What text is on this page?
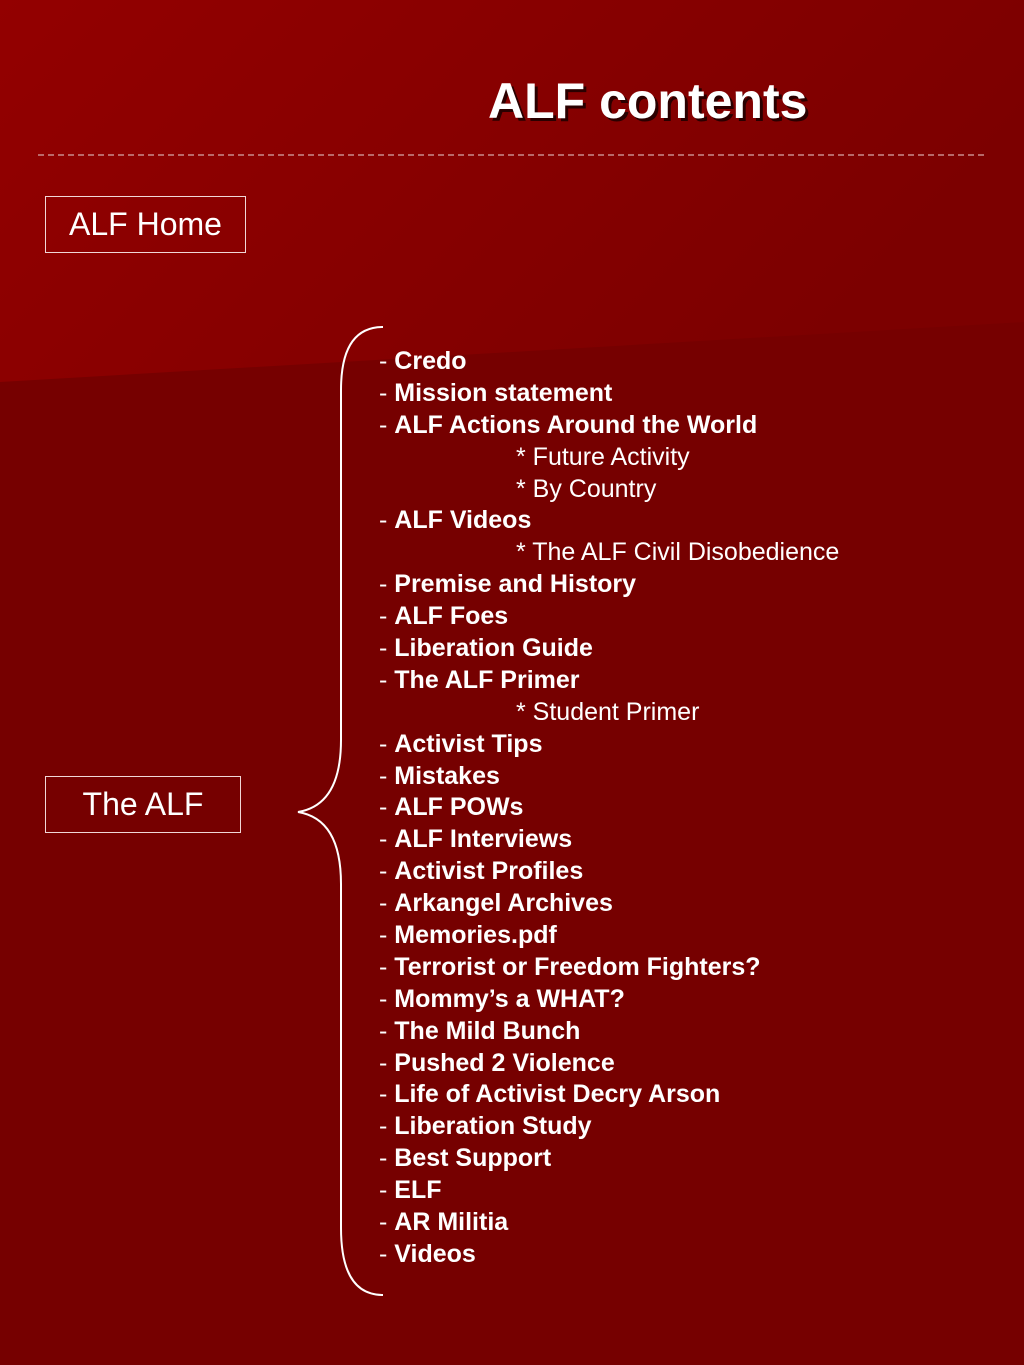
ALF contents
ALF Home
The ALF
- Credo
- Mission statement
- ALF Actions Around the World
* Future Activity
* By Country
- ALF Videos
* The ALF Civil Disobedience
- Premise and History
- ALF Foes
- Liberation Guide
- The ALF Primer
* Student Primer
- Activist Tips
- Mistakes
- ALF POWs
- ALF Interviews
- Activist Profiles
- Arkangel Archives
- Memories.pdf
- Terrorist or Freedom Fighters?
- Mommy’s a WHAT?
- The Mild Bunch
- Pushed 2 Violence
- Life of Activist Decry Arson
- Liberation Study
- Best Support
- ELF
- AR Militia
- Videos
